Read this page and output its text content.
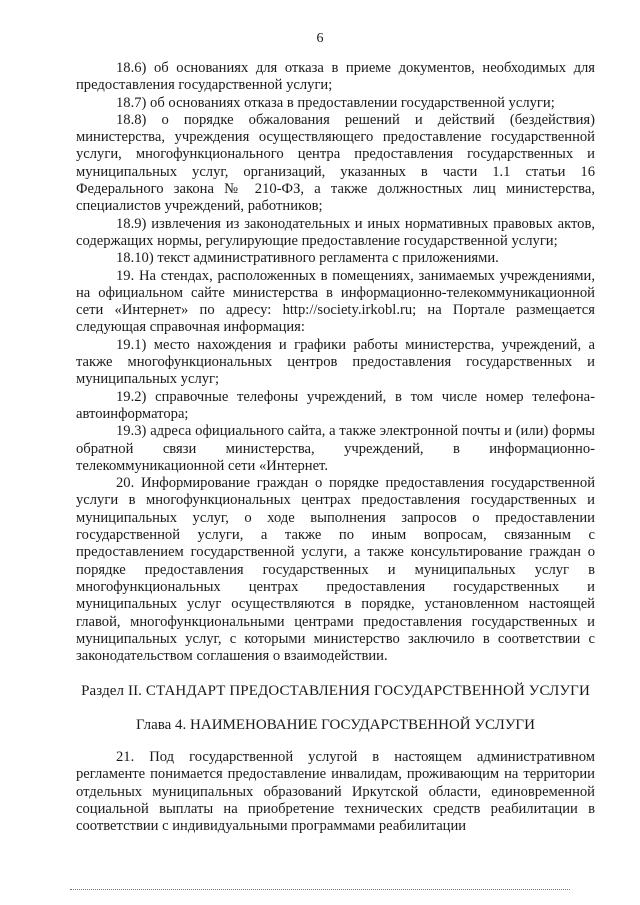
6

18.6) об основаниях для отказа в приеме документов, необходимых для предоставления государственной услуги;

18.7) об основаниях отказа в предоставлении государственной услуги;

18.8) о порядке обжалования решений и действий (бездействия) министерства, учреждения осуществляющего предоставление государственной услуги, многофункционального центра предоставления государственных и муниципальных услуг, организаций, указанных в части 1.1 статьи 16 Федерального закона № 210-ФЗ, а также должностных лиц министерства, специалистов учреждений, работников;

18.9) извлечения из законодательных и иных нормативных правовых актов, содержащих нормы, регулирующие предоставление государственной услуги;

18.10) текст административного регламента с приложениями.

19. На стендах, расположенных в помещениях, занимаемых учреждениями, на официальном сайте министерства в информационно-телекоммуникационной сети «Интернет» по адресу: http://society.irkobl.ru; на Портале размещается следующая справочная информация:

19.1) место нахождения и графики работы министерства, учреждений, а также многофункциональных центров предоставления государственных и муниципальных услуг;

19.2) справочные телефоны учреждений, в том числе номер телефона-автоинформатора;

19.3) адреса официального сайта, а также электронной почты и (или) формы обратной связи министерства, учреждений, в информационно-телекоммуникационной сети «Интернет.

20. Информирование граждан о порядке предоставления государственной услуги в многофункциональных центрах предоставления государственных и муниципальных услуг, о ходе выполнения запросов о предоставлении государственной услуги, а также по иным вопросам, связанным с предоставлением государственной услуги, а также консультирование граждан о порядке предоставления государственных и муниципальных услуг в многофункциональных центрах предоставления государственных и муниципальных услуг осуществляются в порядке, установленном настоящей главой, многофункциональными центрами предоставления государственных и муниципальных услуг, с которыми министерство заключило в соответствии с законодательством соглашения о взаимодействии.

Раздел II. СТАНДАРТ ПРЕДОСТАВЛЕНИЯ ГОСУДАРСТВЕННОЙ УСЛУГИ

Глава 4. НАИМЕНОВАНИЕ ГОСУДАРСТВЕННОЙ УСЛУГИ

21. Под государственной услугой в настоящем административном регламенте понимается предоставление инвалидам, проживающим на территории отдельных муниципальных образований Иркутской области, единовременной социальной выплаты на приобретение технических средств реабилитации в соответствии с индивидуальными программами реабилитации
